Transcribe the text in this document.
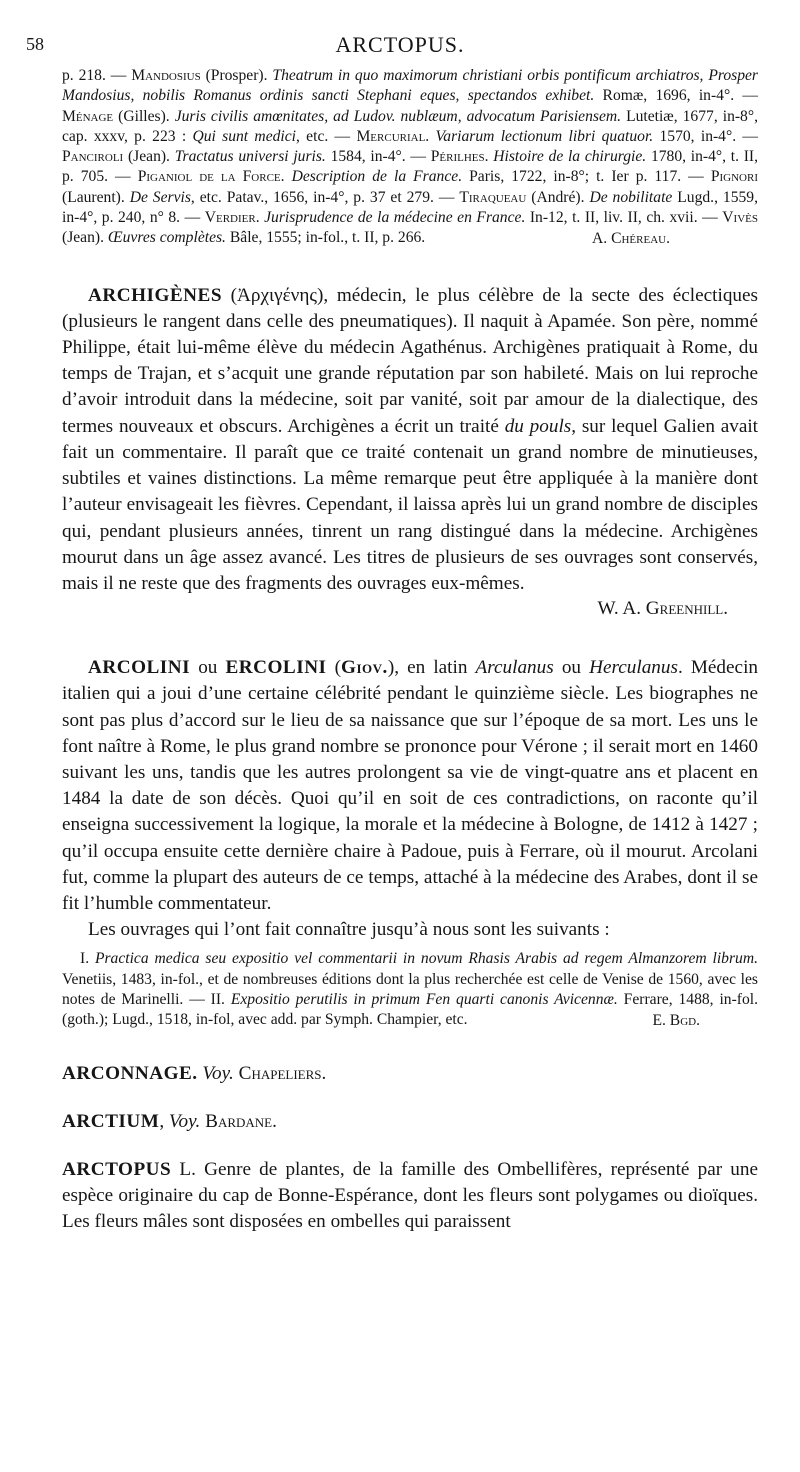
58	ARCTOPUS.

p. 218. — Mandosius (Prosper). Theatrum in quo maximorum christiani orbis pontificum archiatros, Prosper Mandosius, nobilis Romanus ordinis sancti Stephani eques, spectandos exhibet. Romæ, 1696, in-4°. — Ménage (Gilles). Juris civilis amœnitates, ad Ludov. nublæum, advocatum Parisiensem. Lutetiæ, 1677, in-8°, cap. xxxv, p. 223 : Qui sunt medici, etc. — Mercurial. Variarum lectionum libri quatuor. 1570, in-4°. — Panciroli (Jean). Tractatus universi juris. 1584, in-4°. — Périlhes. Histoire de la chirurgie. 1780, in-4°, t. II, p. 705. — Piganiol de la Force. Description de la France. Paris, 1722, in-8°; t. Ier p. 117. — Pignori (Laurent). De Servis, etc. Patav., 1656, in-4°, p. 37 et 279. — Tiraqueau (André). De nobilitate Lugd., 1559, in-4°, p. 240, n° 8. — Verdier. Jurisprudence de la médecine en France. In-12, t. II, liv. II, ch. xvii. — Vivès (Jean). Œuvres complètes. Bâle, 1555; in-fol., t. II, p. 266.	A. Chéreau.

ARCHIGÈNES (Ἀρχιγένης), médecin, le plus célèbre de la secte des éclectiques (plusieurs le rangent dans celle des pneumatiques). Il naquit à Apamée. Son père, nommé Philippe, était lui-même élève du médecin Agathénus. Archigènes pratiquait à Rome, du temps de Trajan, et s’acquit une grande réputation par son habileté. Mais on lui reproche d’avoir introduit dans la médecine, soit par vanité, soit par amour de la dialectique, des termes nouveaux et obscurs. Archigènes a écrit un traité du pouls, sur lequel Galien avait fait un commentaire. Il paraît que ce traité contenait un grand nombre de minutieuses, subtiles et vaines distinctions. La même remarque peut être appliquée à la manière dont l’auteur envisageait les fièvres. Cependant, il laissa après lui un grand nombre de disciples qui, pendant plusieurs années, tinrent un rang distingué dans la médecine. Archigènes mourut dans un âge assez avancé. Les titres de plusieurs de ses ouvrages sont conservés, mais il ne reste que des fragments des ouvrages eux-mêmes.

W. A. Greenhill.

ARCOLINI ou ERCOLINI (Giov.), en latin Arculanus ou Herculanus. Médecin italien qui a joui d’une certaine célébrité pendant le quinzième siècle. Les biographes ne sont pas plus d’accord sur le lieu de sa naissance que sur l’époque de sa mort. Les uns le font naître à Rome, le plus grand nombre se prononce pour Vérone ; il serait mort en 1460 suivant les uns, tandis que les autres prolongent sa vie de vingt-quatre ans et placent en 1484 la date de son décès. Quoi qu’il en soit de ces contradictions, on raconte qu’il enseigna successivement la logique, la morale et la médecine à Bologne, de 1412 à 1427 ; qu’il occupa ensuite cette dernière chaire à Padoue, puis à Ferrare, où il mourut. Arcolani fut, comme la plupart des auteurs de ce temps, attaché à la médecine des Arabes, dont il se fit l’humble commentateur.

Les ouvrages qui l’ont fait connaître jusqu’à nous sont les suivants :

I. Practica medica seu expositio vel commentarii in novum Rhasis Arabis ad regem Almanzorem librum. Venetiis, 1483, in-fol., et de nombreuses éditions dont la plus recherchée est celle de Venise de 1560, avec les notes de Marinelli. — II. Expositio perutilis in primum Fen quarti canonis Avicennæ. Ferrare, 1488, in-fol. (goth.); Lugd., 1518, in-fol, avec add. par Symph. Champier, etc.	E. Bgd.

ARCONNAGE. Voy. Chapeliers.

ARCTIUM, Voy. Bardane.

ARCTOPUS L. Genre de plantes, de la famille des Ombellifères, représenté par une espèce originaire du cap de Bonne-Espérance, dont les fleurs sont polygames ou dioïques. Les fleurs mâles sont disposées en ombelles qui paraissent
